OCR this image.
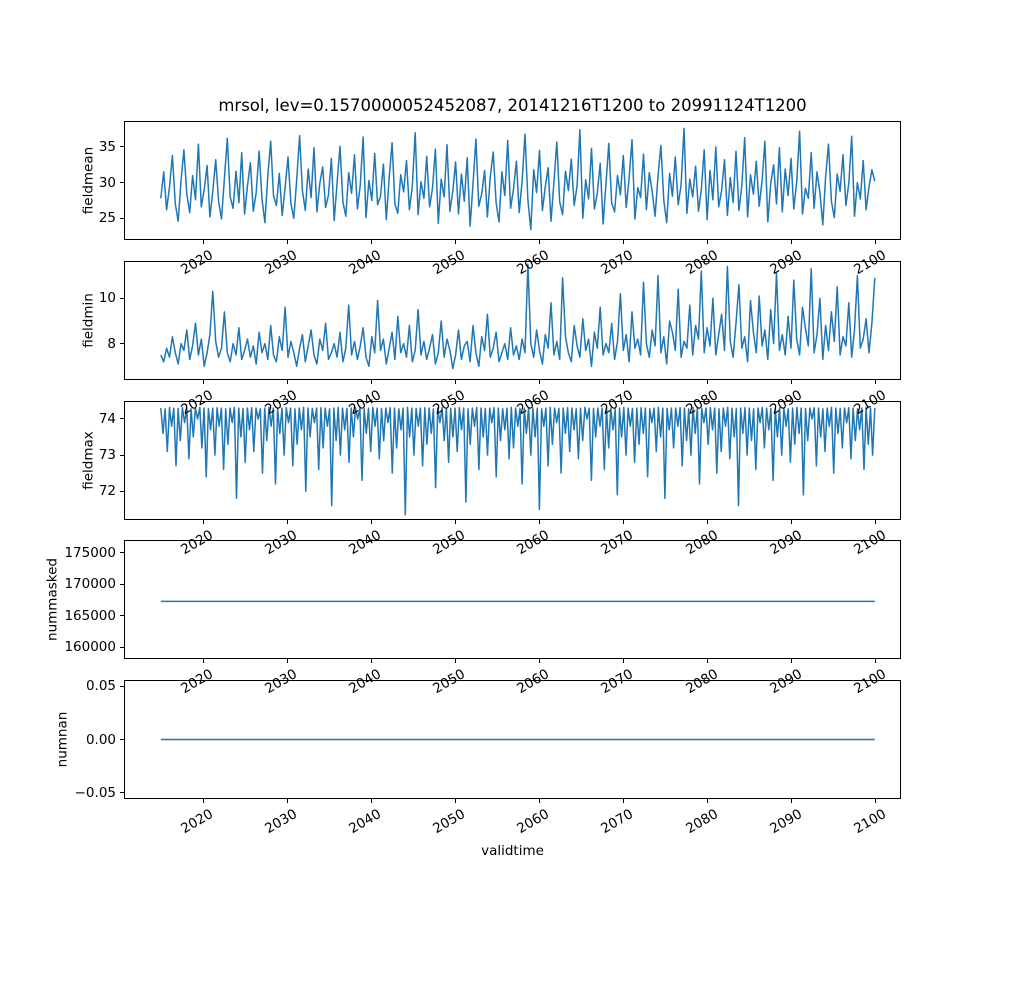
mrsol, lev=0.1570000052452087, 20141216T1200 to 20991124T1200
25
30
35
fieldmean
2020	2030	2040	2050	2060	2070	2080	2090	2100
8
10
fieldmin
2020	2030	2040	2050	2060	2070	2080	2090	2100
72
73
74
fieldmax
2020	2030	2040	2050	2060	2070	2080	2090	2100
160000
165000
170000
175000
nummasked
2020	2030	2040	2050	2060	2070	2080	2090	2100
−0.05
0.00
0.05
numnan
2020	2030	2040	2050	2060	2070	2080	2090	2100
validtime
